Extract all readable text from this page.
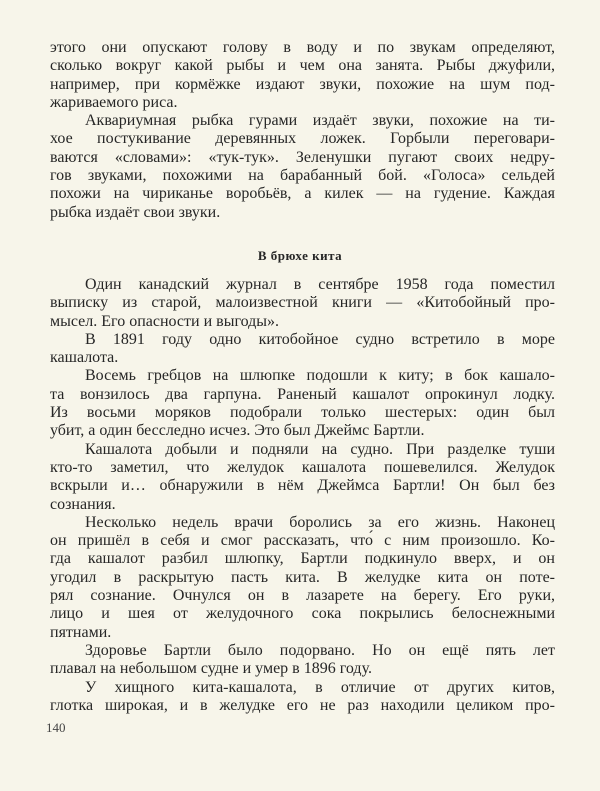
этого они опускают голову в воду и по звукам определяют,
сколько вокруг какой рыбы и чем она занята. Рыбы джуфили,
например, при кормёжке издают звуки, похожие на шум под-
жариваемого риса.
Аквариумная рыбка гурами издаёт звуки, похожие на ти-
хое постукивание деревянных ложек. Горбыли переговари-
ваются «словами»: «тук-тук». Зеленушки пугают своих недру-
гов звуками, похожими на барабанный бой. «Голоса» сельдей
похожи на чириканье воробьёв, а килек — на гудение. Каждая
рыбка издаёт свои звуки.
В брюхе кита
Один канадский журнал в сентябре 1958 года поместил
выписку из старой, малоизвестной книги — «Китобойный про-
мысел. Его опасности и выгоды».
В 1891 году одно китобойное судно встретило в море
кашалота.
Восемь гребцов на шлюпке подошли к киту; в бок кашало-
та вонзилось два гарпуна. Раненый кашалот опрокинул лодку.
Из восьми моряков подобрали только шестерых: один был
убит, а один бесследно исчез. Это был Джеймс Бартли.
Кашалота добыли и подняли на судно. При разделке туши
кто-то заметил, что желудок кашалота пошевелился. Желудок
вскрыли и… обнаружили в нём Джеймса Бартли! Он был без
сознания.
Несколько недель врачи боролись за его жизнь. Наконец
он пришёл в себя и смог рассказать, что́ с ним произошло. Ко-
гда кашалот разбил шлюпку, Бартли подкинуло вверх, и он
угодил в раскрытую пасть кита. В желудке кита он поте-
рял сознание. Очнулся он в лазарете на берегу. Его руки,
лицо и шея от желудочного сока покрылись белоснежными
пятнами.
Здоровье Бартли было подорвано. Но он ещё пять лет
плавал на небольшом судне и умер в 1896 году.
У хищного кита-кашалота, в отличие от других китов,
глотка широкая, и в желудке его не раз находили целиком про-
140
